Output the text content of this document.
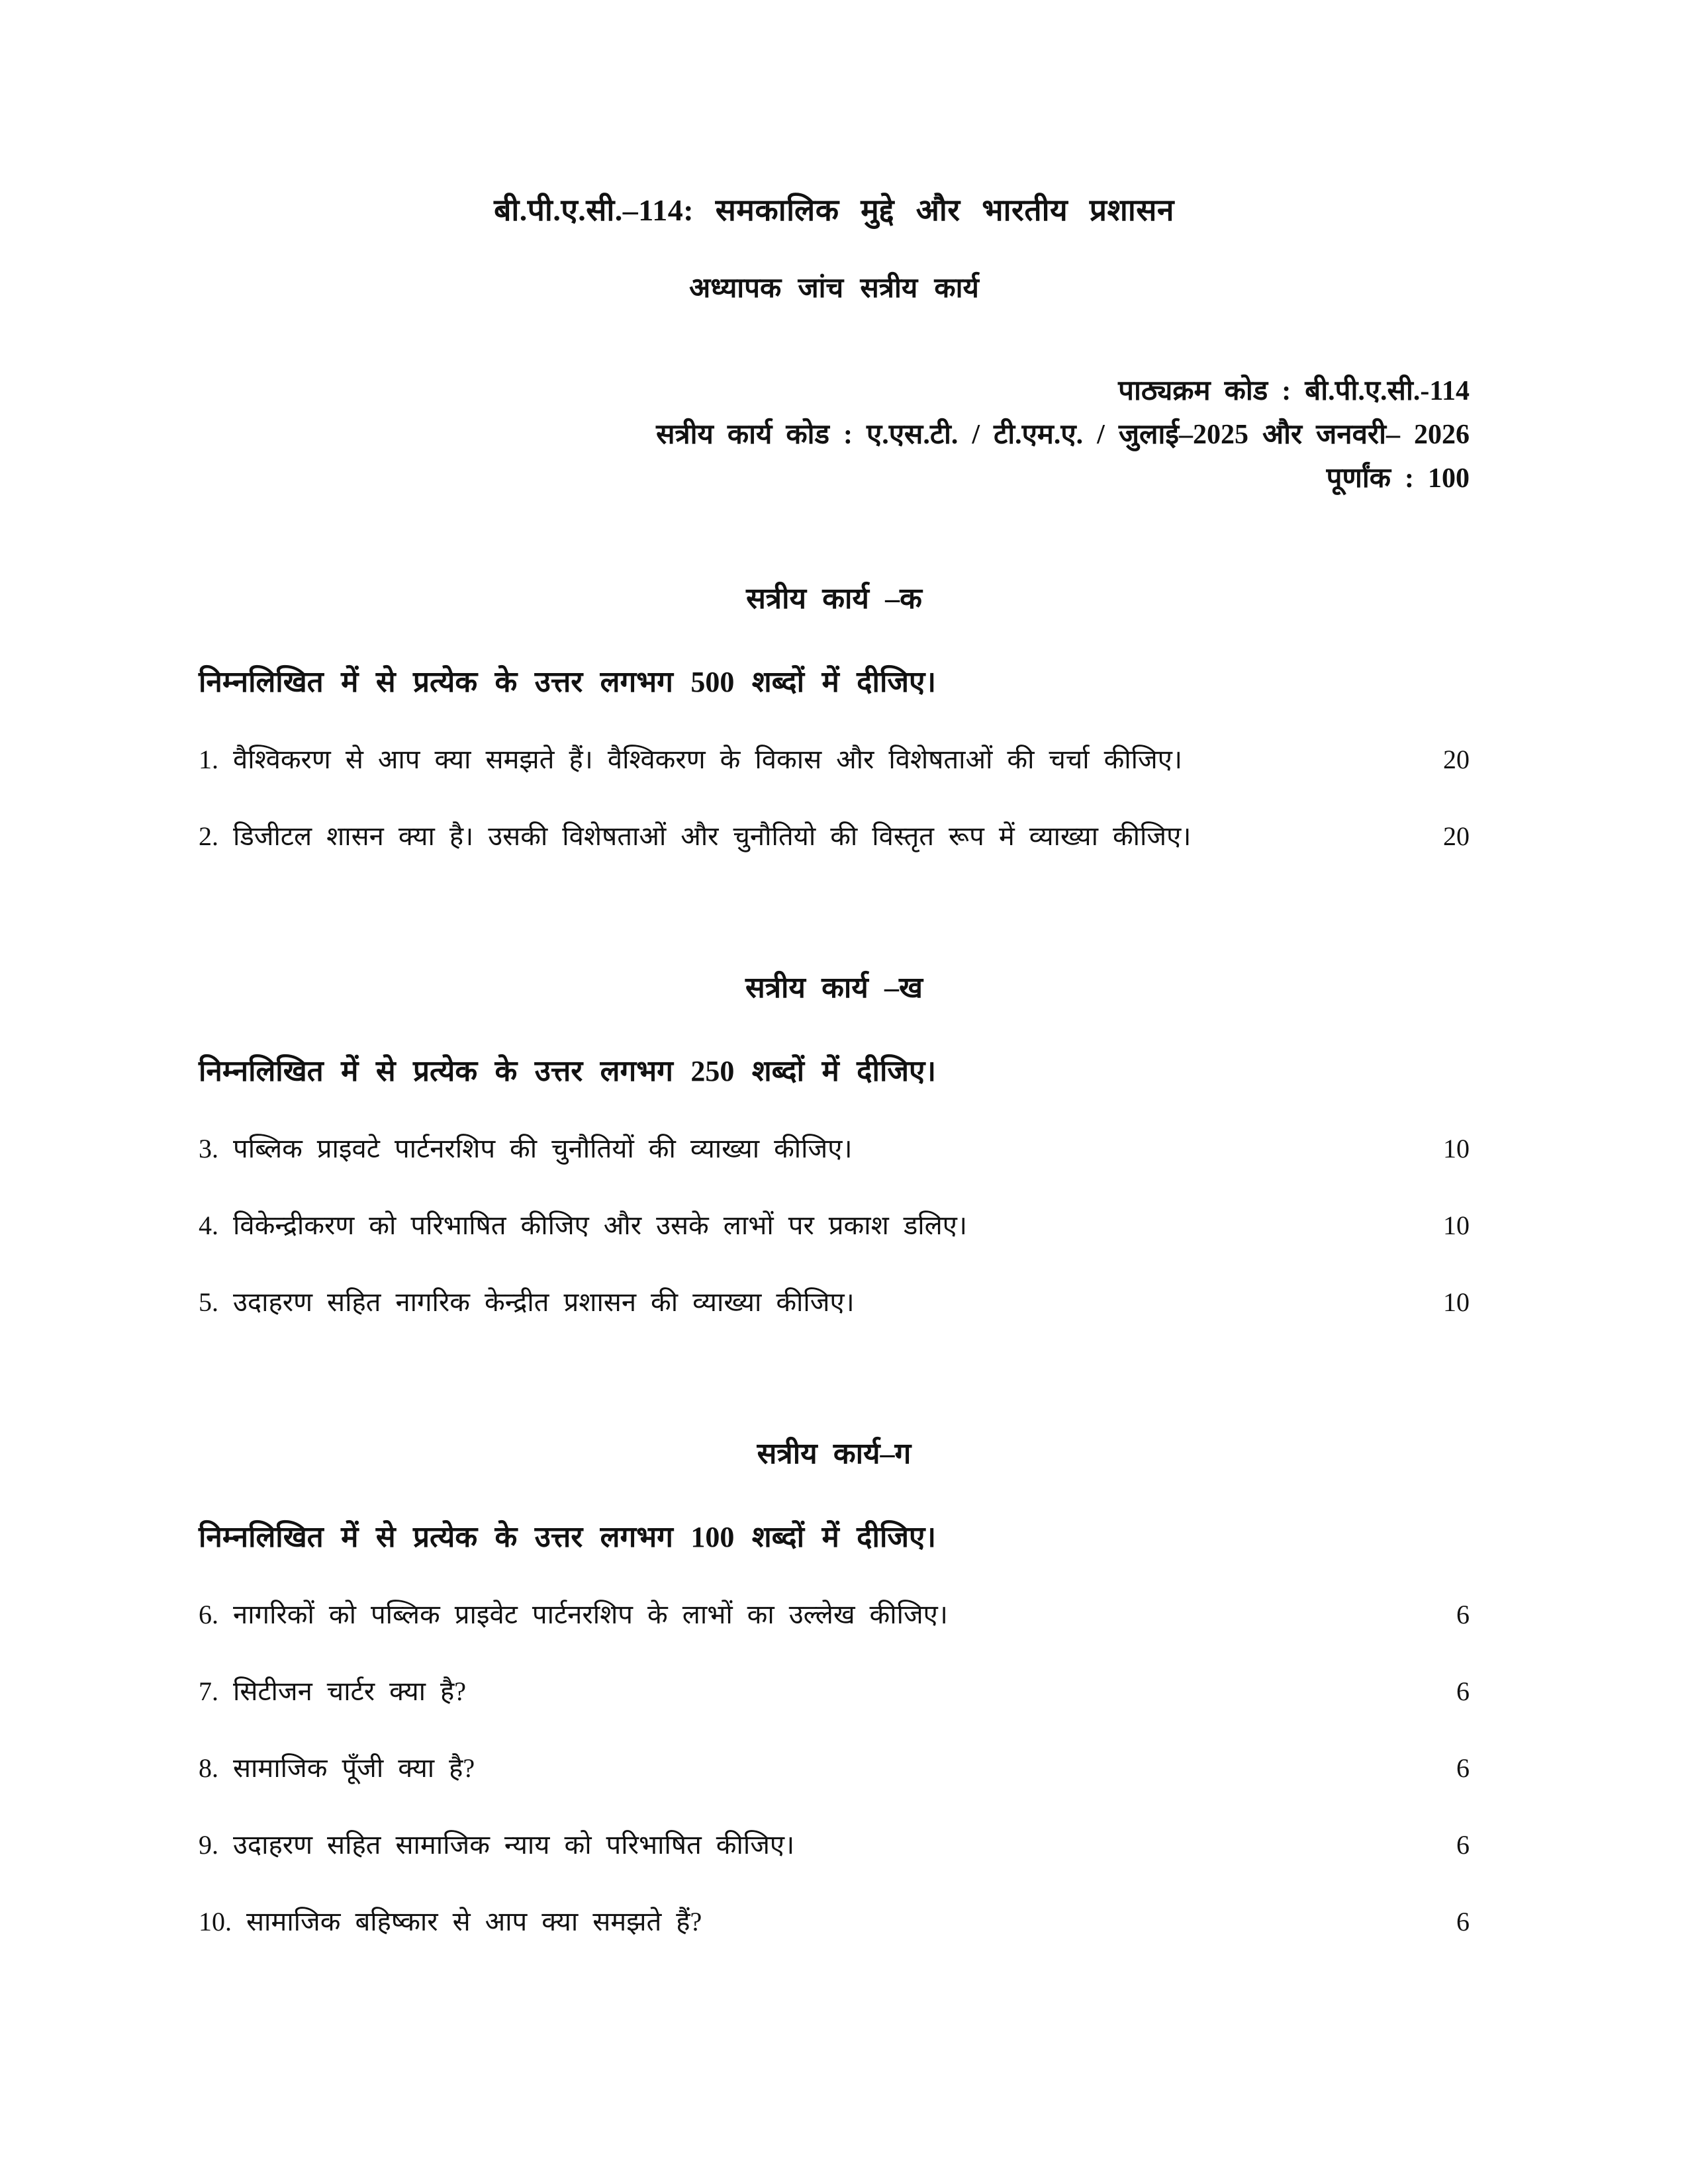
बी.पी.ए.सी.–114: समकालिक मुद्दे और भारतीय प्रशासन
अध्यापक जांच सत्रीय कार्य
पाठ्यक्रम कोड : बी.पी.ए.सी.-114
सत्रीय कार्य कोड : ए.एस.टी. / टी.एम.ए. / जुलाई–2025 और जनवरी– 2026
पूर्णांक : 100
सत्रीय कार्य –क

निम्नलिखित में से प्रत्येक के उत्तर लगभग 500 शब्दों में दीजिए।

1. वैश्विकरण से आप क्या समझते हैं। वैश्विकरण के विकास और विशेषताओं की चर्चा कीजिए।	20
2. डिजीटल शासन क्या है। उसकी विशेषताओं और चुनौतियो की विस्तृत रूप में व्याख्या कीजिए।	20
सत्रीय कार्य –ख

निम्नलिखित में से प्रत्येक के उत्तर लगभग 250 शब्दों में दीजिए।

3. पब्लिक प्राइवटे पार्टनरशिप की चुनौतियों की व्याख्या कीजिए।	10
4. विकेन्द्रीकरण को परिभाषित कीजिए और उसके लाभों पर प्रकाश डलिए।	10
5. उदाहरण सहित नागरिक केन्द्रीत प्रशासन की व्याख्या कीजिए।	10
सत्रीय कार्य–ग

निम्नलिखित में से प्रत्येक के उत्तर लगभग 100 शब्दों में दीजिए।

6. नागरिकों को पब्लिक प्राइवेट पार्टनरशिप के लाभों का उल्लेख कीजिए।	6
7. सिटीजन चार्टर क्या है?	6
8. सामाजिक पूँजी क्या है?	6
9. उदाहरण सहित सामाजिक न्याय को परिभाषित कीजिए।	6
10. सामाजिक बहिष्कार से आप क्या समझते हैं?	6
